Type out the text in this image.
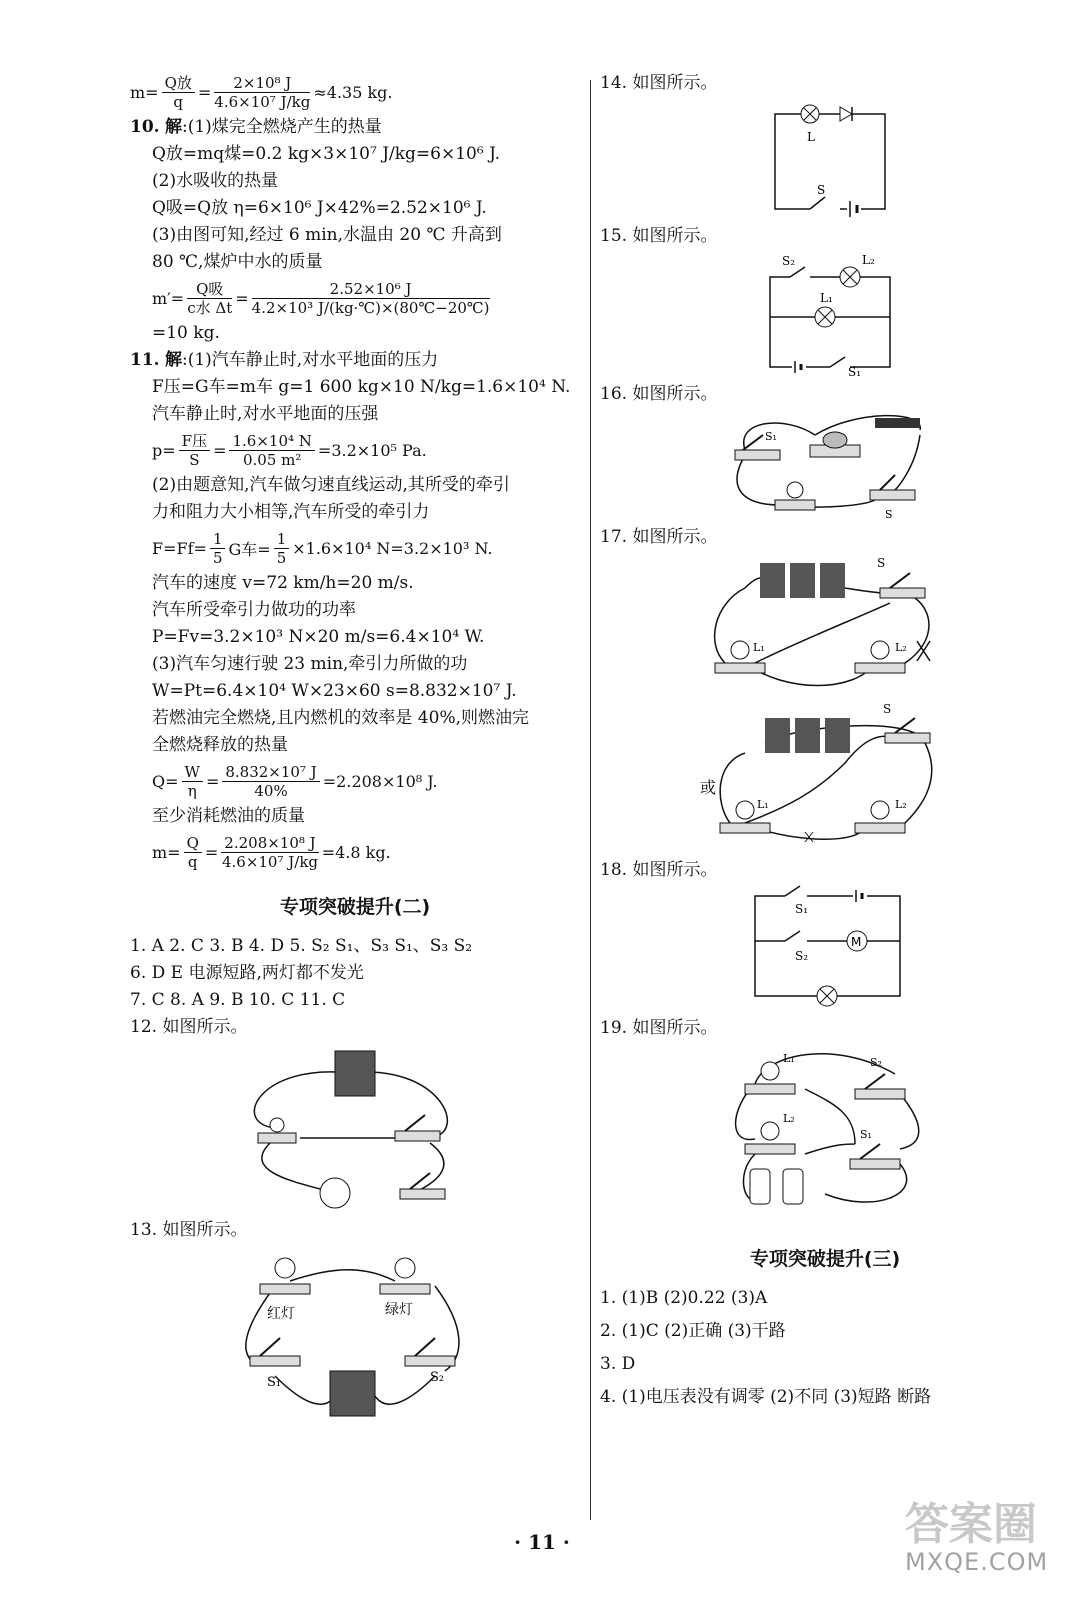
$m= \frac{\text{Q放}}{q} = \frac{\text{2×10⁸ J}}{\text{4.6×10⁷ J/kg}} \approx 4.35$ kg.
10. 解:(1)煤完全燃烧产生的热量
Q放=mq煤=0.2 kg×3×10⁷ J/kg=6×10⁶ J.
(2)水吸收的热量
Q吸=Q放 η=6×10⁶ J×42%=2.52×10⁶ J.
(3)由图可知,经过 6 min,水温由 20 ℃ 升高到
80 ℃,煤炉中水的质量
$m'= \frac{\text{Q吸}}{\text{c水 Δt}} = \frac{\text{2.52×10⁶ J}}{\text{4.2×10³ J/(kg·℃)×(80℃−20℃)}}$
=10 kg.
11. 解:(1)汽车静止时,对水平地面的压力
F压=G车=m车 g=1 600 kg×10 N/kg=1.6×10⁴ N.
汽车静止时,对水平地面的压强
$p= \frac{\text{F压}}{S} = \frac{\text{1.6×10⁴ N}}{\text{0.05 m²}} =3.2\times 10^5$ Pa.
(2)由题意知,汽车做匀速直线运动,其所受的牵引
力和阻力大小相等,汽车所受的牵引力
$F=Ff= \frac{1}{5}$ G车= $\frac{1}{5} \times 1.6\times 10^4$ N=3.2×10³ N.
汽车的速度 v=72 km/h=20 m/s.
汽车所受牵引力做功的功率
P=Fv=3.2×10³ N×20 m/s=6.4×10⁴ W.
(3)汽车匀速行驶 23 min,牵引力所做的功
W=Pt=6.4×10⁴ W×23×60 s=8.832×10⁷ J.
若燃油完全燃烧,且内燃机的效率是 40%,则燃油完
全燃烧释放的热量
$Q= \frac{W}{\eta} = \frac{\text{8.832×10⁷ J}}{40\%} =2.208\times 10^8$ J.
至少消耗燃油的质量
$m= \frac{Q}{q} = \frac{\text{2.208×10⁸ J}}{\text{4.6×10⁷ J/kg}} =4.8$ kg.
专项突破提升(二)
1. A 2. C 3. B 4. D 5. S₂ S₁、S₃ S₁、S₃ S₂
6. D E 电源短路,两灯都不发光
7. C 8. A 9. B 10. C 11. C
12. 如图所示。
13. 如图所示。
红灯	绿灯
S₁	S₂
14. 如图所示。
L
S
15. 如图所示。
S₂	L₂
L₁
S₁
16. 如图所示。
S₁
S
17. 如图所示。
S
L₁	L₂
或
S
L₁	L₂
18. 如图所示。
S₁
S₂
M
19. 如图所示。
L₁	S₂
L₂
S₁
专项突破提升(三)
1. (1)B (2)0.22 (3)A
2. (1)C (2)正确 (3)干路
3. D
4. (1)电压表没有调零 (2)不同 (3)短路 断路
· 11 ·	答案圈
MXQE.COM
